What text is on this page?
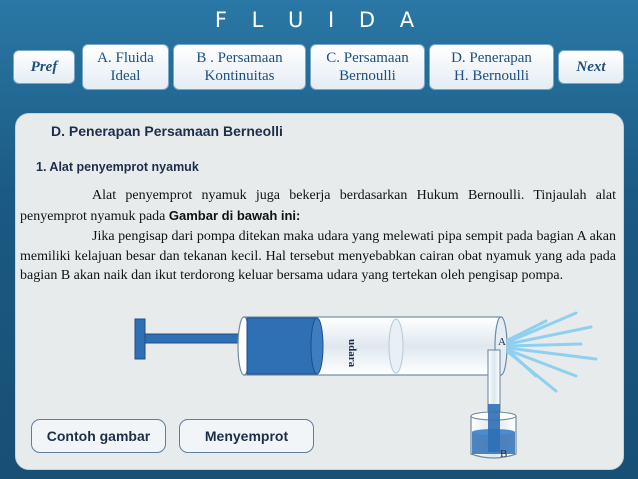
F L U I D A
Pref
A. Fluida
Ideal
B . Persamaan
Kontinuitas
C. Persamaan
Bernoulli
D. Penerapan
H. Bernoulli
Next
D. Penerapan Persamaan Berneolli
1. Alat penyemprot nyamuk
Alat penyemprot nyamuk juga bekerja berdasarkan Hukum Bernoulli. Tinjaulah alat penyemprot nyamuk pada Gambar di bawah ini:
Jika pengisap dari pompa ditekan maka udara yang melewati pipa sempit pada bagian A akan memiliki kelajuan besar dan tekanan kecil. Hal tersebut menyebabkan cairan obat nyamuk yang ada pada bagian B akan naik dan ikut terdorong keluar bersama udara yang tertekan oleh pengisap pompa.
udara	A
B
Contoh gambar	Menyemprot
